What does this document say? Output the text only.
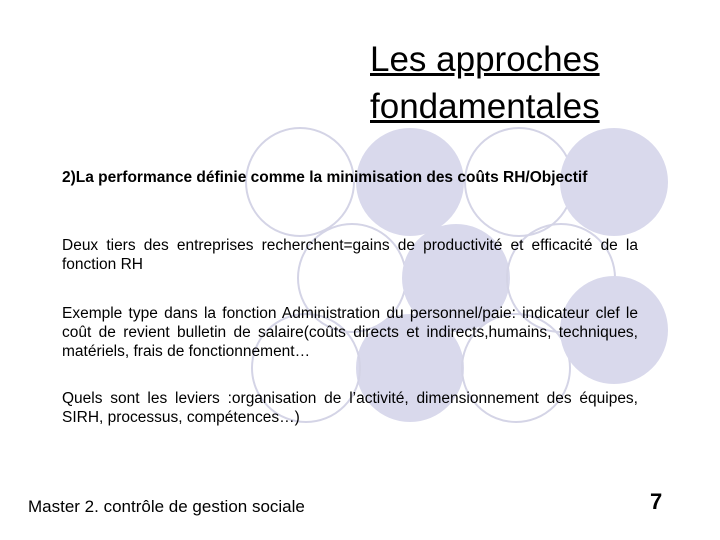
Les approches
fondamentales

2)La performance définie comme la minimisation des coûts RH/Objectif

Deux tiers des entreprises recherchent=gains de productivité et efficacité de la fonction RH

Exemple type dans la fonction Administration du personnel/paie: indicateur clef le coût de revient bulletin de salaire(coûts directs et indirects,humains, techniques, matériels, frais de fonctionnement…

Quels sont les leviers :organisation de l’activité, dimensionnement des équipes, SIRH, processus, compétences…)

Master 2. contrôle de gestion sociale	7
